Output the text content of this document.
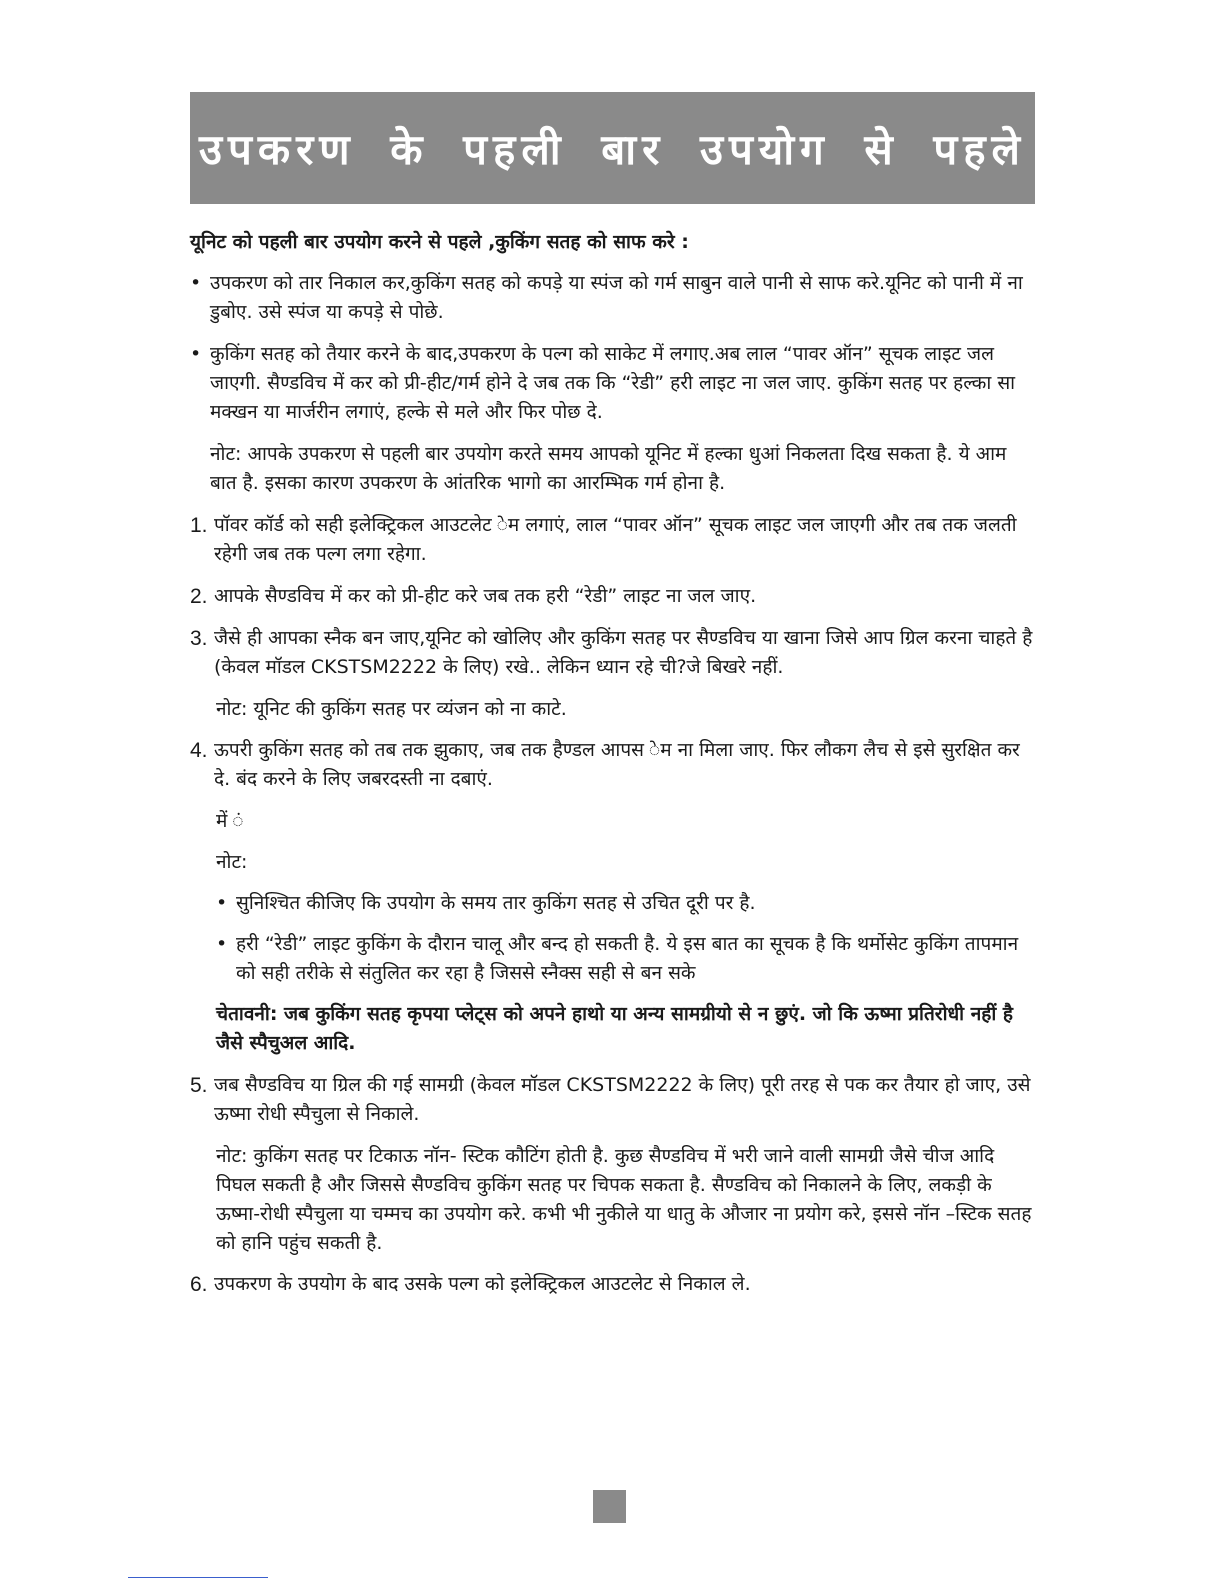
उपकरण के पहली बार उपयोग से पहले
यूनिट को पहली बार उपयोग करने से पहले ,कुकिंग सतह को साफ करे :
• उपकरण को तार निकाल कर,कुकिंग सतह को कपड़े या स्पंज को गर्म साबुन वाले पानी से साफ करे.यूनिट को पानी में ना डुबोए. उसे स्पंज या कपड़े से पोछे.
• कुकिंग सतह को तैयार करने के बाद,उपकरण के पल्ग को साकेट में लगाए.अब लाल “पावर ऑन” सूचक लाइट जल जाएगी. सैण्डविच में कर को प्री-हीट/गर्म होने दे जब तक कि “रेडी” हरी लाइट ना जल जाए. कुकिंग सतह पर हल्का सा मक्खन या मार्जरीन लगाएं, हल्के से मले और फिर पोछ दे.
नोट: आपके उपकरण से पहली बार उपयोग करते समय आपको यूनिट में हल्का धुआं निकलता दिख सकता है. ये आम बात है. इसका कारण उपकरण के आंतरिक भागो का आरम्भिक गर्म होना है.
1. पॉवर कॉर्ड को सही इलेक्ट्रिकल आउटलेट ेम लगाएं, लाल “पावर ऑन” सूचक लाइट जल जाएगी और तब तक जलती रहेगी जब तक पल्ग लगा रहेगा.
2. आपके सैण्डविच में कर को प्री-हीट करे जब तक हरी “रेडी” लाइट ना जल जाए.
3. जैसे ही आपका स्नैक बन जाए,यूनिट को खोलिए और कुकिंग सतह पर सैण्डविच या खाना जिसे आप ग्रिल करना चाहते है (केवल मॉडल CKSTSM2222 के लिए) रखे.. लेकिन ध्यान रहे ची?जे बिखरे नहीं.
नोट: यूनिट की कुकिंग सतह पर व्यंजन को ना काटे.
4. ऊपरी कुकिंग सतह को तब तक झुकाए, जब तक हैण्डल आपस ेम ना मिला जाए. फिर लौकग लैच से इसे सुरक्षित कर दे. बंद करने के लिए जबरदस्ती ना दबाएं.
में ं
नोट:
• सुनिश्चित कीजिए कि उपयोग के समय तार कुकिंग सतह से उचित दूरी पर है.
• हरी “रेडी” लाइट कुकिंग के दौरान चालू और बन्द हो सकती है. ये इस बात का सूचक है कि थर्मोसेट कुकिंग तापमान को सही तरीके से संतुलित कर रहा है जिससे स्नैक्स सही से बन सके
चेतावनी: जब कुकिंग सतह कृपया प्लेट्स को अपने हाथो या अन्य सामग्रीयो से न छुएं. जो कि ऊष्मा प्रतिरोधी नहीं है जैसे स्पैचुअल आदि.
5. जब सैण्डविच या ग्रिल की गई सामग्री (केवल मॉडल CKSTSM2222 के लिए) पूरी तरह से पक कर तैयार हो जाए, उसे ऊष्मा रोधी स्पैचुला से निकाले.
नोट: कुकिंग सतह पर टिकाऊ नॉन- स्टिक कौटिंग होती है. कुछ सैण्डविच में भरी जाने वाली सामग्री जैसे चीज आदि पिघल सकती है और जिससे सैण्डविच कुकिंग सतह पर चिपक सकता है. सैण्डविच को निकालने के लिए, लकड़ी के ऊष्मा-रोधी स्पैचुला या चम्मच का उपयोग करे. कभी भी नुकीले या धातु के औजार ना प्रयोग करे, इससे नॉन –स्टिक सतह को हानि पहुंच सकती है.
6. उपकरण के उपयोग के बाद उसके पल्ग को इलेक्ट्रिकल आउटलेट से निकाल ले.
